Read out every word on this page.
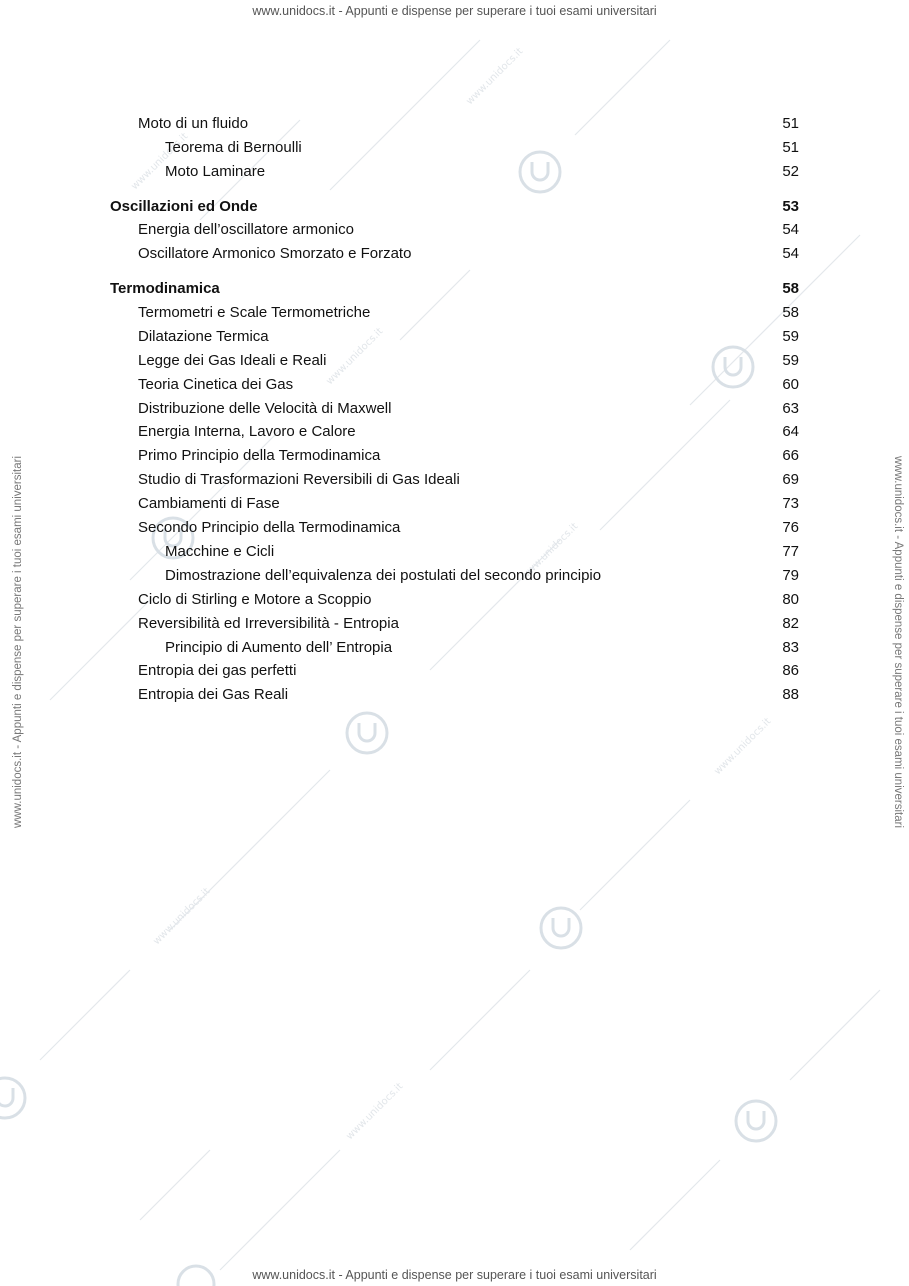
www.unidocs.it - Appunti e dispense per superare i tuoi esami universitari
www.unidocs.it - Appunti e dispense per superare i tuoi esami universitari	www.unidocs.it - Appunti e dispense per superare i tuoi esami universitari
www.unidocs.it
www.unidocs.it
www.unidocs.it
www.unidocs.it
www.unidocs.it
www.unidocs.it
www.unidocs.it
Moto di un fluido	51
Teorema di Bernoulli	51
Moto Laminare	52
Oscillazioni ed Onde	53
Energia dell’oscillatore armonico	54
Oscillatore Armonico Smorzato e Forzato	54
Termodinamica	58
Termometri e Scale Termometriche	58
Dilatazione Termica	59
Legge dei Gas Ideali e Reali	59
Teoria Cinetica dei Gas	60
Distribuzione delle Velocità di Maxwell	63
Energia Interna, Lavoro e Calore	64
Primo Principio della Termodinamica	66
Studio di Trasformazioni Reversibili di Gas Ideali	69
Cambiamenti di Fase	73
Secondo Principio della Termodinamica	76
Macchine e Cicli	77
Dimostrazione dell’equivalenza dei postulati del secondo principio	79
Ciclo di Stirling e Motore a Scoppio	80
Reversibilità ed Irreversibilità - Entropia	82
Principio di Aumento dell’ Entropia	83
Entropia dei gas perfetti	86
Entropia dei Gas Reali	88
www.unidocs.it - Appunti e dispense per superare i tuoi esami universitari
